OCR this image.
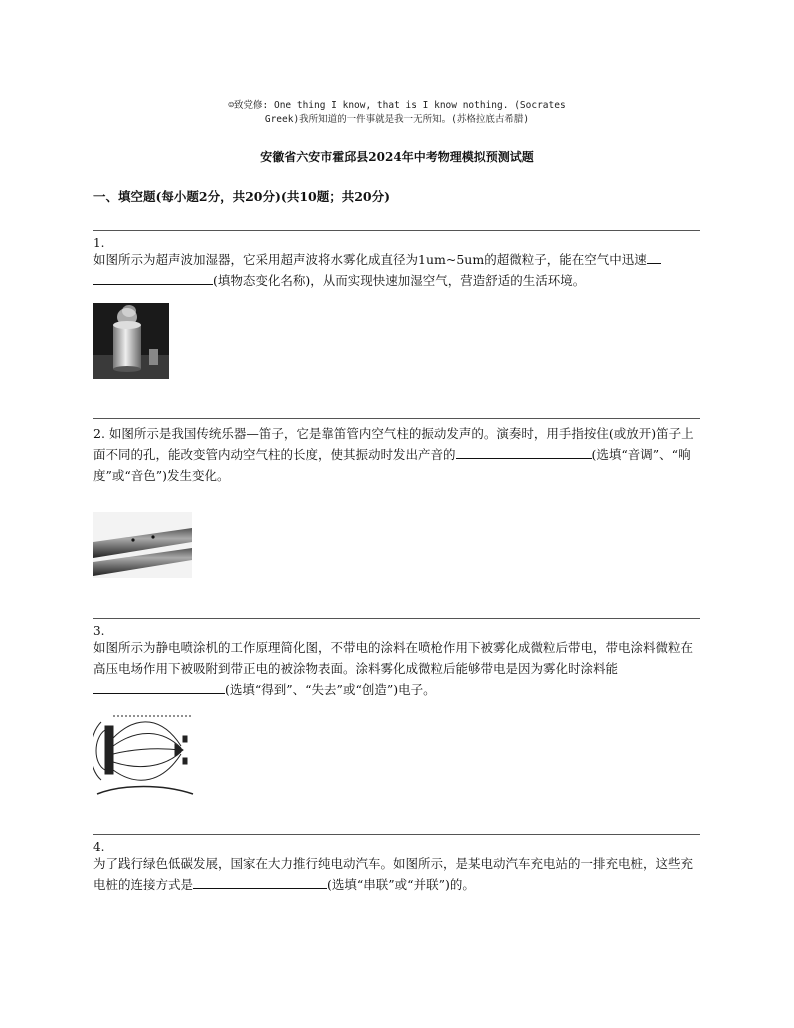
☺致党修: One thing I know, that is I know nothing. (Socrates
Greek)我所知道的一件事就是我一无所知。(苏格拉底古希腊)
安徽省六安市霍邱县2024年中考物理模拟预测试题
一、填空题(每小题2分，共20分)(共10题；共20分)
1.
如图所示为超声波加湿器，它采用超声波将水雾化成直径为1um~5um的超微粒子，能在空气中迅速
(填物态变化名称)，从而实现快速加湿空气，营造舒适的生活环境。
2. 如图所示是我国传统乐器—笛子，它是靠笛管内空气柱的振动发声的。演奏时，用手指按住(或放开)笛子上面不同的孔，能改变管内动空气柱的长度，使其振动时发出产音的	(选填“音调”、“响度”或“音色”)发生变化。
3.
如图所示为静电喷涂机的工作原理简化图，不带电的涂料在喷枪作用下被雾化成微粒后带电，带电涂料微粒在高压电场作用下被吸附到带正电的被涂物表面。涂料雾化成微粒后能够带电是因为雾化时涂料能(选填“得到”、“失去”或“创造”)电子。
4.
为了践行绿色低碳发展，国家在大力推行纯电动汽车。如图所示，是某电动汽车充电站的一排充电桩，这些充电桩的连接方式是	(选填“串联”或“并联”)的。
